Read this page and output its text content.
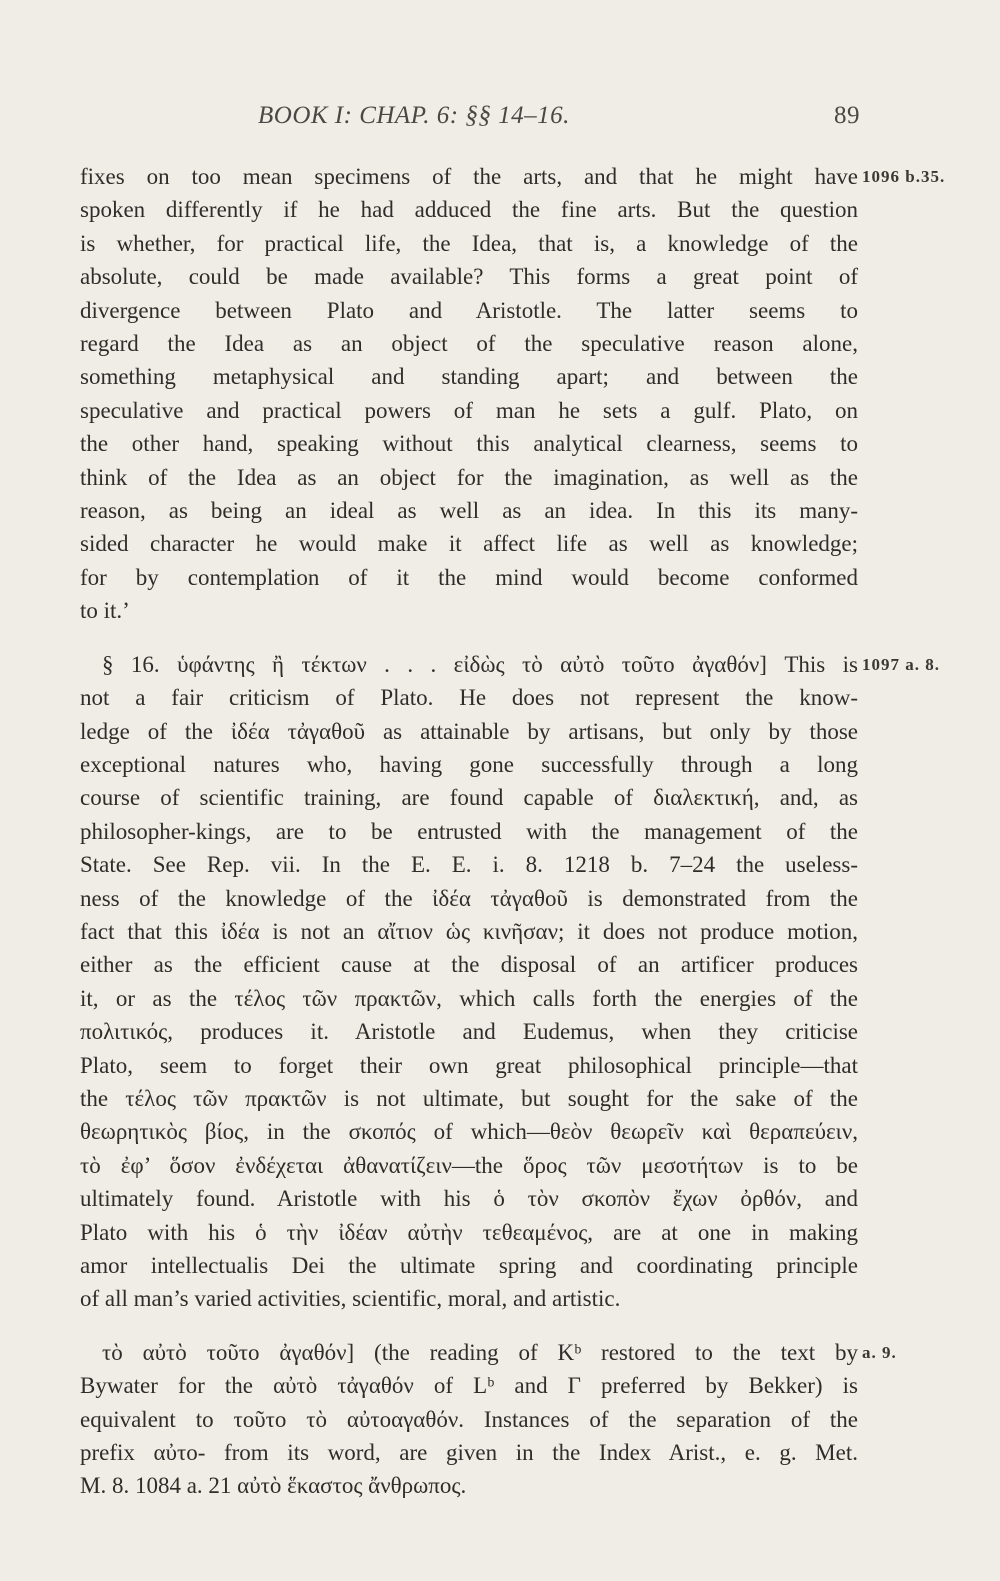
BOOK I: CHAP. 6: §§ 14–16.	89
1096 b.35.
fixes on too mean specimens of the arts, and that he might have
spoken differently if he had adduced the fine arts. But the question
is whether, for practical life, the Idea, that is, a knowledge of the
absolute, could be made available? This forms a great point of
divergence between Plato and Aristotle. The latter seems to
regard the Idea as an object of the speculative reason alone,
something metaphysical and standing apart; and between the
speculative and practical powers of man he sets a gulf. Plato, on
the other hand, speaking without this analytical clearness, seems to
think of the Idea as an object for the imagination, as well as the
reason, as being an ideal as well as an idea. In this its many-
sided character he would make it affect life as well as knowledge;
for by contemplation of it the mind would become conformed
to it.’
1097 a. 8.
§ 16. ὑφάντης ἢ τέκτων . . . εἰδὼς τὸ αὐτὸ τοῦτο ἀγαθόν] This is
not a fair criticism of Plato. He does not represent the know-
ledge of the ἰδέα τἀγαθοῦ as attainable by artisans, but only by those
exceptional natures who, having gone successfully through a long
course of scientific training, are found capable of διαλεκτική, and, as
philosopher-kings, are to be entrusted with the management of the
State. See Rep. vii. In the E. E. i. 8. 1218 b. 7–24 the useless-
ness of the knowledge of the ἰδέα τἀγαθοῦ is demonstrated from the
fact that this ἰδέα is not an αἴτιον ὡς κινῆσαν; it does not produce motion,
either as the efficient cause at the disposal of an artificer produces
it, or as the τέλος τῶν πρακτῶν, which calls forth the energies of the
πολιτικός, produces it. Aristotle and Eudemus, when they criticise
Plato, seem to forget their own great philosophical principle—that
the τέλος τῶν πρακτῶν is not ultimate, but sought for the sake of the
θεωρητικὸς βίος, in the σκοπός of which—θεὸν θεωρεῖν καὶ θεραπεύειν,
τὸ ἐφ’ ὅσον ἐνδέχεται ἀθανατίζειν—the ὅρος τῶν μεσοτήτων is to be
ultimately found. Aristotle with his ὁ τὸν σκοπὸν ἔχων ὀρθόν, and
Plato with his ὁ τὴν ἰδέαν αὐτὴν τεθεαμένος, are at one in making
amor intellectualis Dei the ultimate spring and coordinating principle
of all man’s varied activities, scientific, moral, and artistic.
a. 9.
τὸ αὐτὸ τοῦτο ἀγαθόν] (the reading of Kᵇ restored to the text by
Bywater for the αὐτὸ τἀγαθόν of Lᵇ and Γ preferred by Bekker) is
equivalent to τοῦτο τὸ αὐτοαγαθόν. Instances of the separation of the
prefix αὐτο- from its word, are given in the Index Arist., e. g. Met.
M. 8. 1084 a. 21 αὐτὸ ἕκαστος ἄνθρωπος.
